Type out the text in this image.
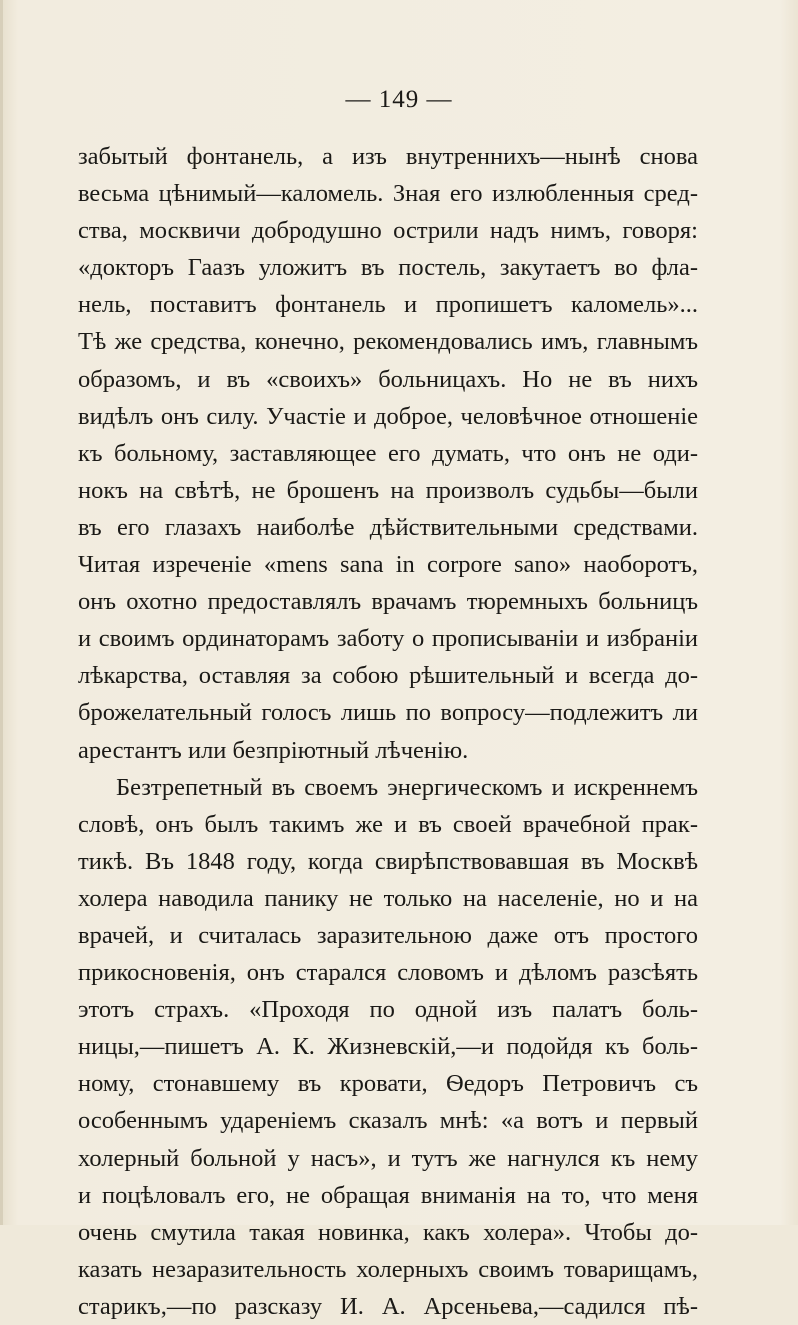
— 149 —
забытый фонтанель, а изъ внутреннихъ—нынѣ снова
весьма цѣнимый—каломель. Зная его излюбленныя сред-
ства, москвичи добродушно острили надъ нимъ, говоря:
«докторъ Гаазъ уложитъ въ постель, закутаетъ во фла-
нель, поставитъ фонтанель и пропишетъ каломель»...
Тѣ же средства, конечно, рекомендовались имъ, главнымъ
образомъ, и въ «своихъ» больницахъ. Но не въ нихъ
видѣлъ онъ силу. Участіе и доброе, человѣчное отношеніе
къ больному, заставляющее его думать, что онъ не оди-
нокъ на свѣтѣ, не брошенъ на произволъ судьбы—были
въ его глазахъ наиболѣе дѣйствительными средствами.
Читая изреченіе «mens sana in corpore sano» наоборотъ,
онъ охотно предоставлялъ врачамъ тюремныхъ больницъ
и своимъ ординаторамъ заботу о прописываніи и избраніи
лѣкарства, оставляя за собою рѣшительный и всегда до-
брожелательный голосъ лишь по вопросу—подлежитъ ли
арестантъ или безпріютный лѣченію.
Безтрепетный въ своемъ энергическомъ и искреннемъ
словѣ, онъ былъ такимъ же и въ своей врачебной прак-
тикѣ. Въ 1848 году, когда свирѣпствовавшая въ Москвѣ
холера наводила панику не только на населеніе, но и на
врачей, и считалась заразительною даже отъ простого
прикосновенія, онъ старался словомъ и дѣломъ разсѣять
этотъ страхъ. «Проходя по одной изъ палатъ боль-
ницы,—пишетъ А. К. Жизневскій,—и подойдя къ боль-
ному, стонавшему въ кровати, Ѳедоръ Петровичъ съ
особеннымъ удареніемъ сказалъ мнѣ: «а вотъ и первый
холерный больной у насъ», и тутъ же нагнулся къ нему
и поцѣловалъ его, не обращая вниманія на то, что меня
очень смутила такая новинка, какъ холера». Чтобы до-
казать незаразительность холерныхъ своимъ товарищамъ,
старикъ,—по разсказу И. А. Арсеньева,—садился пѣ-
